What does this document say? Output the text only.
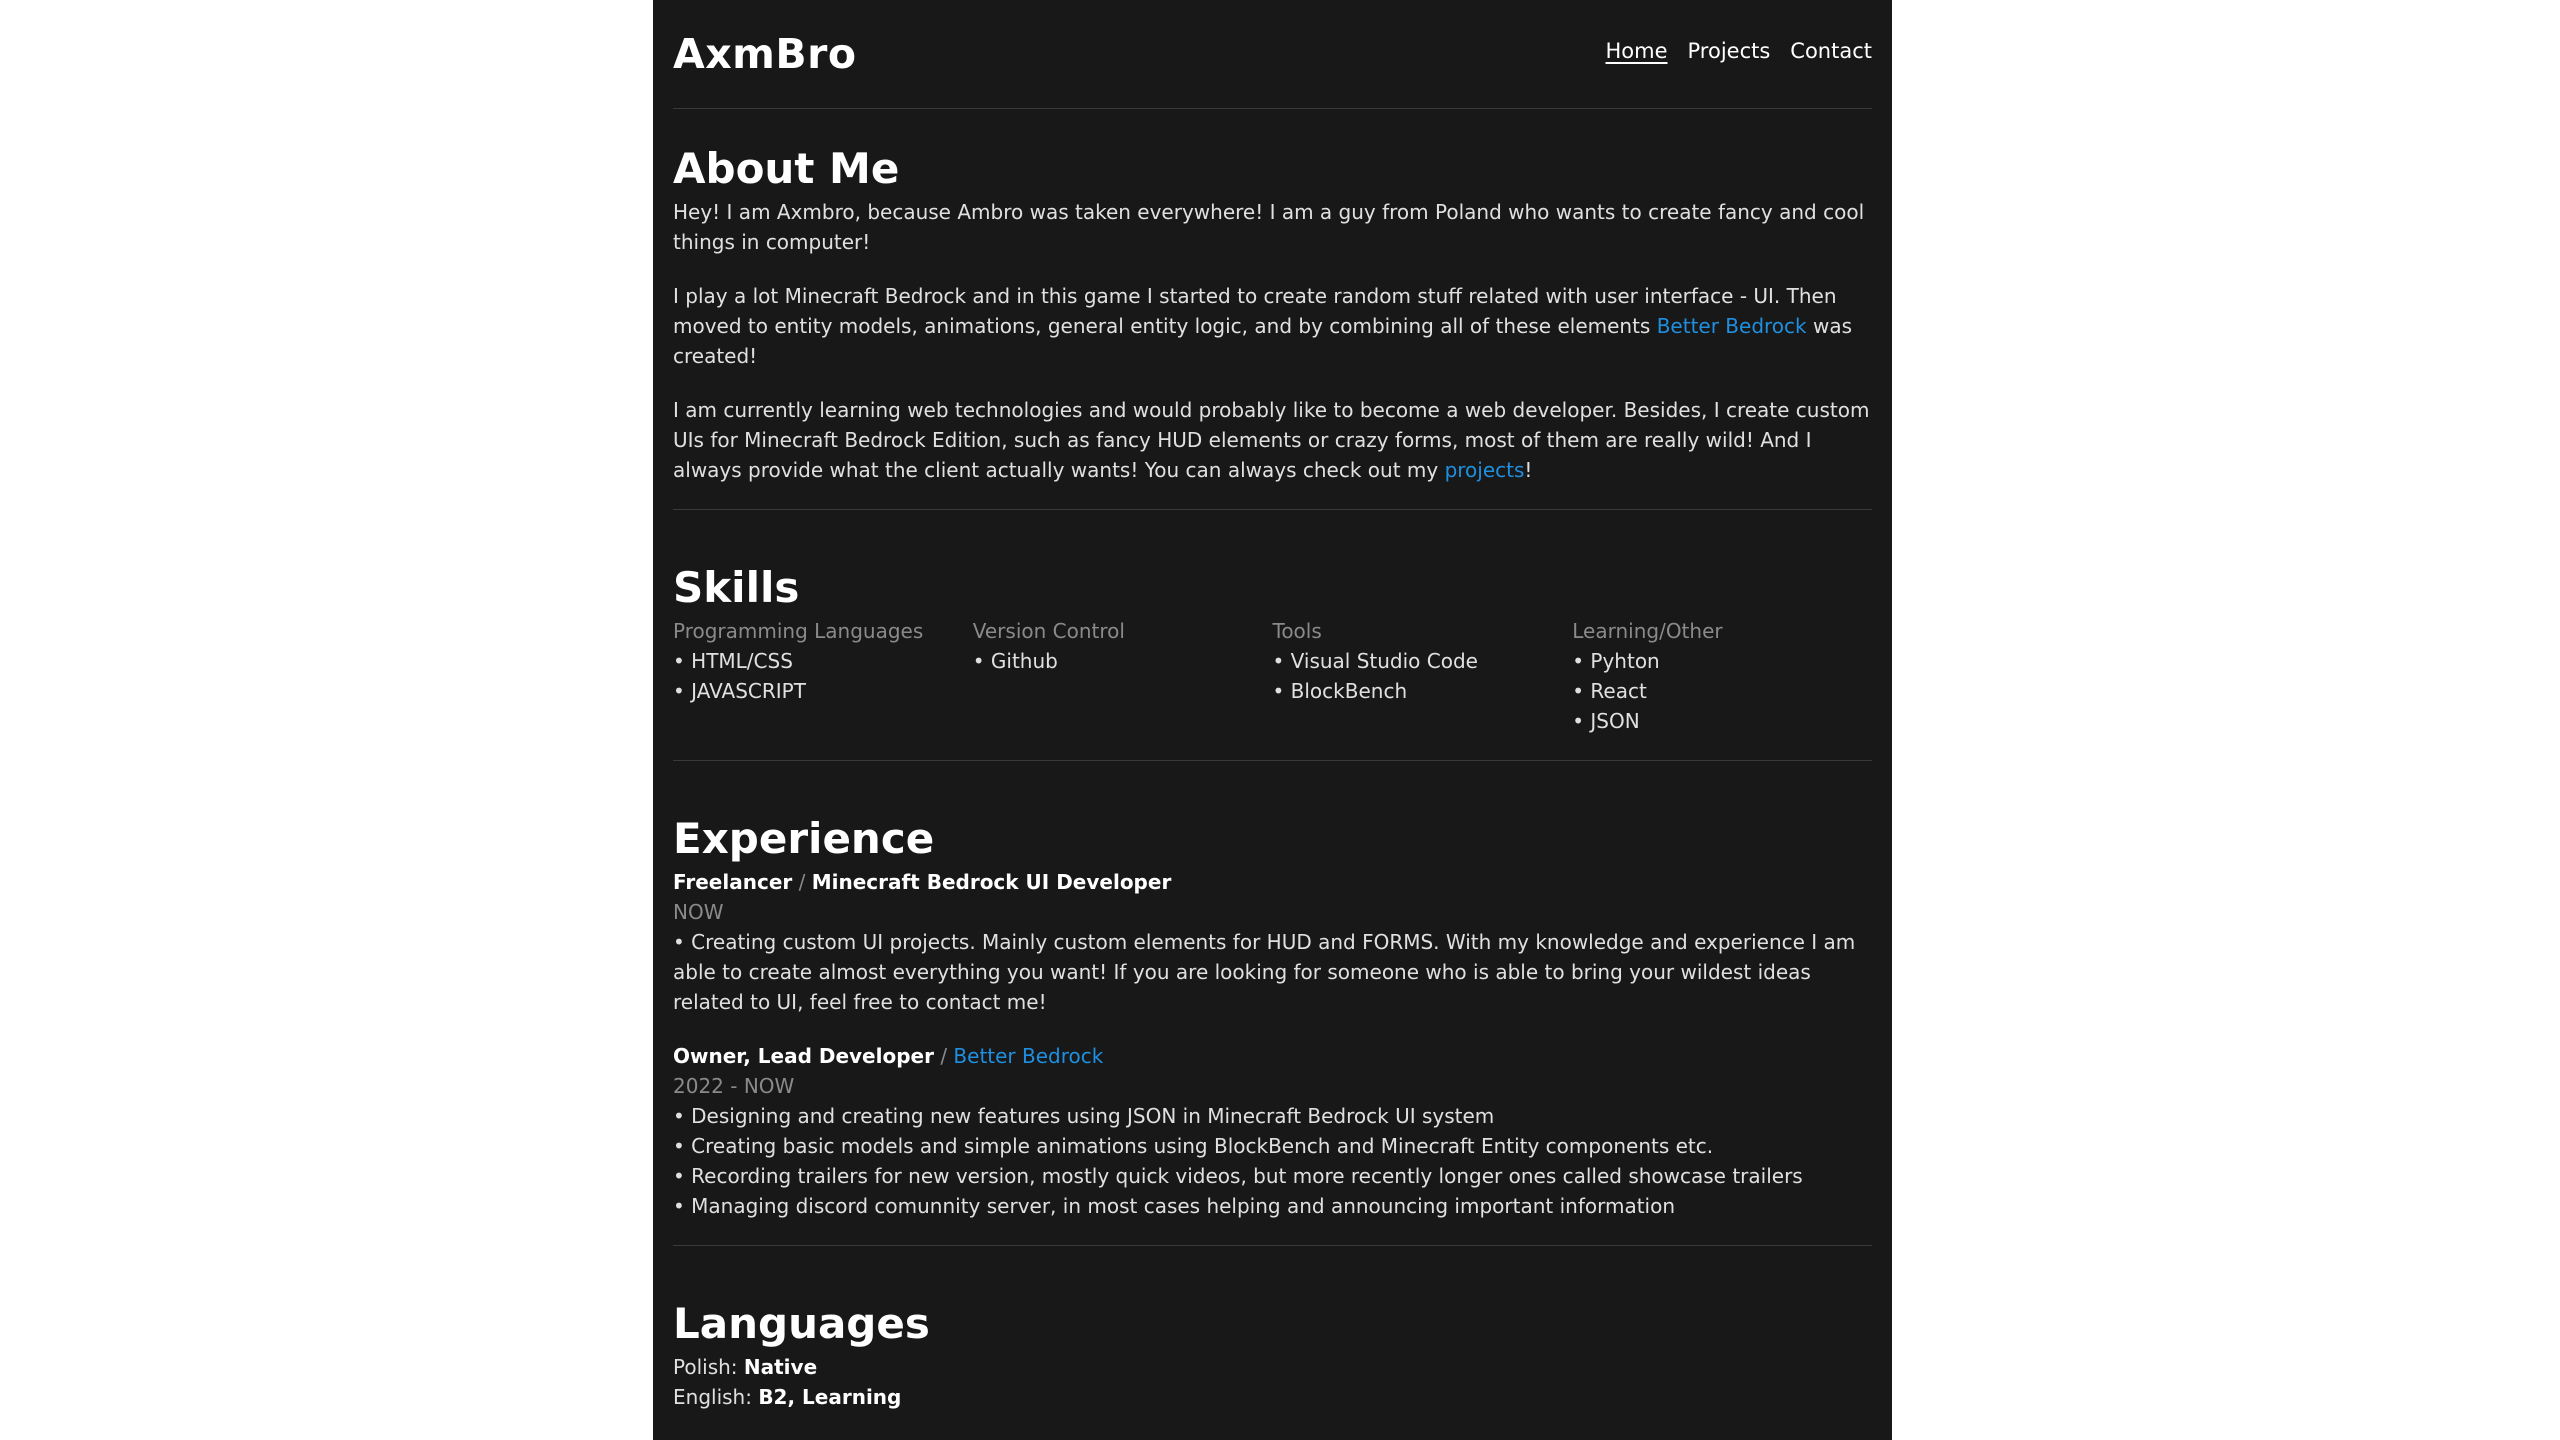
AxmBro	Home Projects Contact
About Me

Hey! I am Axmbro, because Ambro was taken everywhere! I am a guy from Poland who wants to create fancy and cool things in computer!

I play a lot Minecraft Bedrock and in this game I started to create random stuff related with user interface - UI. Then moved to entity models, animations, general entity logic, and by combining all of these elements Better Bedrock was created!

I am currently learning web technologies and would probably like to become a web developer. Besides, I create custom UIs for Minecraft Bedrock Edition, such as fancy HUD elements or crazy forms, most of them are really wild! And I always provide what the client actually wants! You can always check out my projects!

Skills
Programming Languages
• HTML/CSS
• JAVASCRIPT
Version Control
• Github
Tools
• Visual Studio Code
• BlockBench
Learning/Other
• Pyhton
• React
• JSON
Experience
Freelancer / Minecraft Bedrock UI Developer
NOW
• Creating custom UI projects. Mainly custom elements for HUD and FORMS. With my knowledge and experience I am able to create almost everything you want! If you are looking for someone who is able to bring your wildest ideas related to UI, feel free to contact me!
Owner, Lead Developer / Better Bedrock
2022 - NOW
• Designing and creating new features using JSON in Minecraft Bedrock UI system
• Creating basic models and simple animations using BlockBench and Minecraft Entity components etc.
• Recording trailers for new version, mostly quick videos, but more recently longer ones called showcase trailers
• Managing discord comunnity server, in most cases helping and announcing important information
Languages
Polish: Native
English: B2, Learning
